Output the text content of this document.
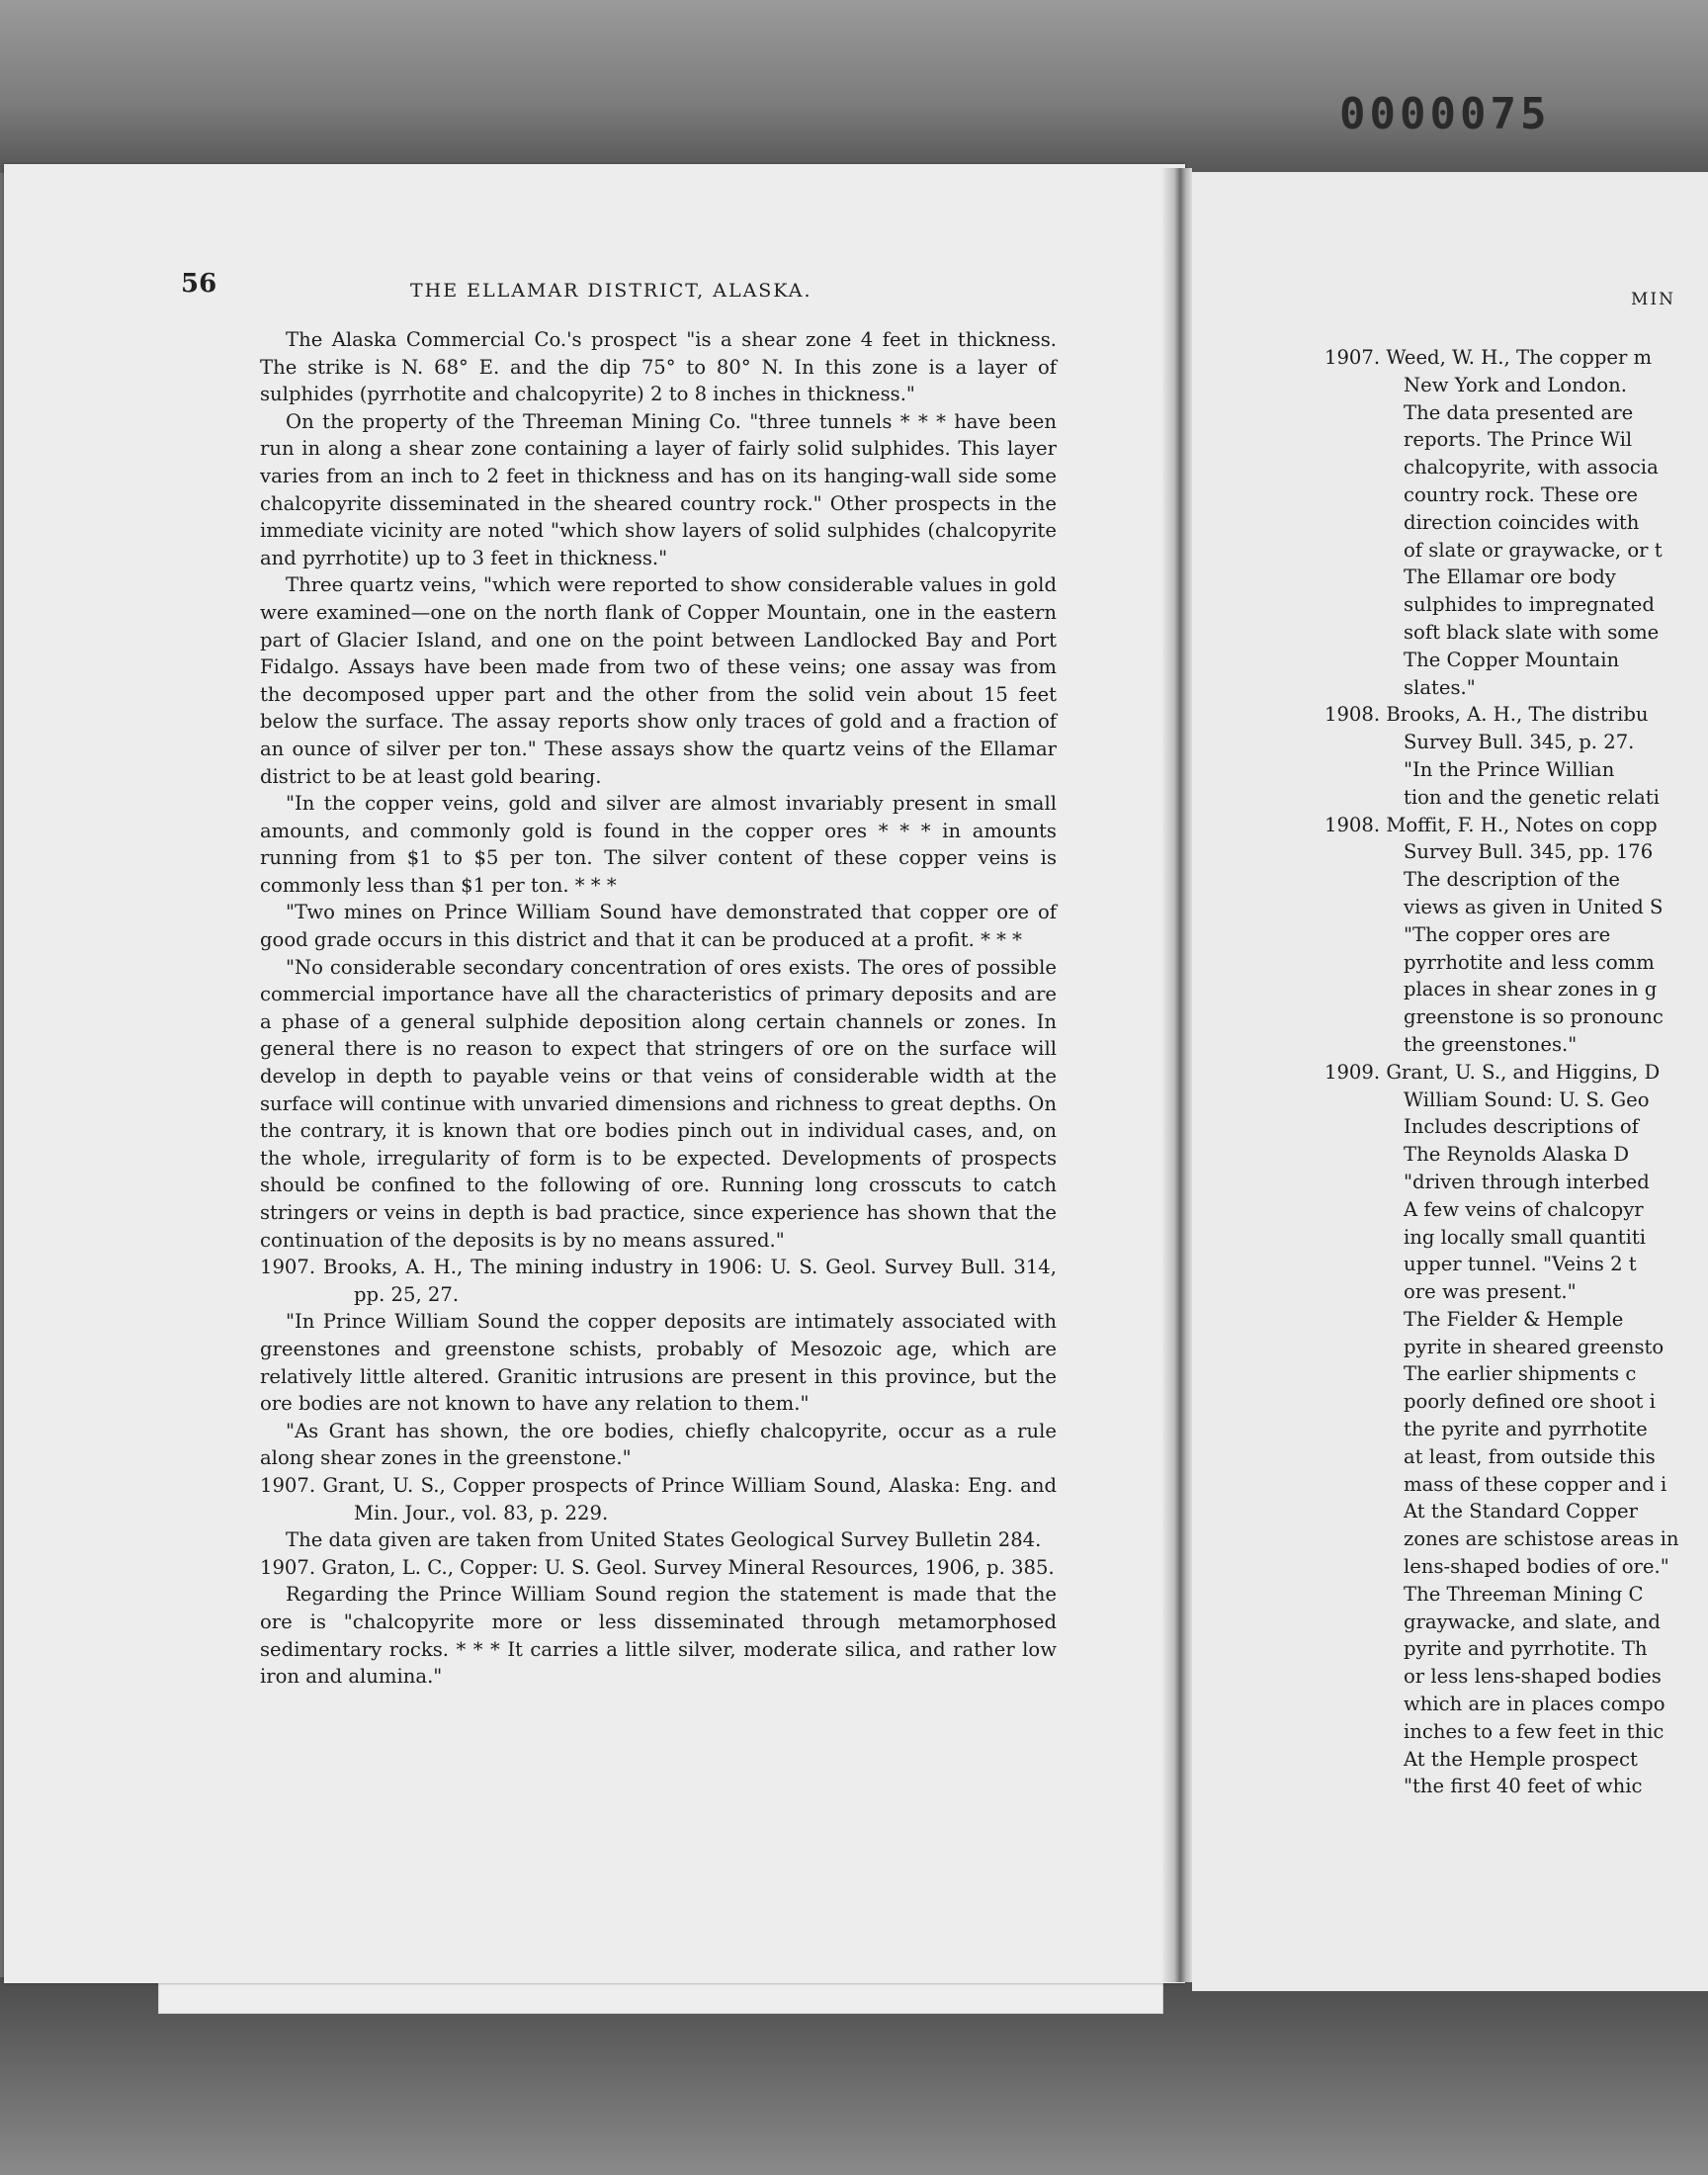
0000075
56	THE ELLAMAR DISTRICT, ALASKA.

The Alaska Commercial Co.'s prospect "is a shear zone 4 feet in thickness. The strike is N. 68° E. and the dip 75° to 80° N. In this zone is a layer of sulphides (pyrrhotite and chalcopyrite) 2 to 8 inches in thickness."

On the property of the Threeman Mining Co. "three tunnels * * * have been run in along a shear zone containing a layer of fairly solid sulphides. This layer varies from an inch to 2 feet in thickness and has on its hanging-wall side some chalcopyrite disseminated in the sheared country rock." Other prospects in the immediate vicinity are noted "which show layers of solid sulphides (chalcopyrite and pyrrhotite) up to 3 feet in thickness."

Three quartz veins, "which were reported to show considerable values in gold were examined—one on the north flank of Copper Mountain, one in the eastern part of Glacier Island, and one on the point between Landlocked Bay and Port Fidalgo. Assays have been made from two of these veins; one assay was from the decomposed upper part and the other from the solid vein about 15 feet below the surface. The assay reports show only traces of gold and a fraction of an ounce of silver per ton." These assays show the quartz veins of the Ellamar district to be at least gold bearing.

"In the copper veins, gold and silver are almost invariably present in small amounts, and commonly gold is found in the copper ores * * * in amounts running from $1 to $5 per ton. The silver content of these copper veins is commonly less than $1 per ton. * * *

"Two mines on Prince William Sound have demonstrated that copper ore of good grade occurs in this district and that it can be produced at a profit. * * *

"No considerable secondary concentration of ores exists. The ores of possible commercial importance have all the characteristics of primary deposits and are a phase of a general sulphide deposition along certain channels or zones. In general there is no reason to expect that stringers of ore on the surface will develop in depth to payable veins or that veins of considerable width at the surface will continue with unvaried dimensions and richness to great depths. On the contrary, it is known that ore bodies pinch out in individual cases, and, on the whole, irregularity of form is to be expected. Developments of prospects should be confined to the following of ore. Running long crosscuts to catch stringers or veins in depth is bad practice, since experience has shown that the continuation of the deposits is by no means assured."

1907. Brooks, A. H., The mining industry in 1906: U. S. Geol. Survey Bull. 314, pp. 25, 27.

"In Prince William Sound the copper deposits are intimately associated with greenstones and greenstone schists, probably of Mesozoic age, which are relatively little altered. Granitic intrusions are present in this province, but the ore bodies are not known to have any relation to them."

"As Grant has shown, the ore bodies, chiefly chalcopyrite, occur as a rule along shear zones in the greenstone."

1907. Grant, U. S., Copper prospects of Prince William Sound, Alaska: Eng. and Min. Jour., vol. 83, p. 229.

The data given are taken from United States Geological Survey Bulletin 284.

1907. Graton, L. C., Copper: U. S. Geol. Survey Mineral Resources, 1906, p. 385.

Regarding the Prince William Sound region the statement is made that the ore is "chalcopyrite more or less disseminated through metamorphosed sedimentary rocks. * * * It carries a little silver, moderate silica, and rather low iron and alumina."

MIN
1907. Weed, W. H., The copper m
New York and London.
The data presented are
reports. The Prince Wil
chalcopyrite, with associa
country rock. These ore
direction coincides with
of slate or graywacke, or t
The Ellamar ore body
sulphides to impregnated
soft black slate with some
The Copper Mountain
slates."
1908. Brooks, A. H., The distribu
Survey Bull. 345, p. 27.
"In the Prince Willian
tion and the genetic relati
1908. Moffit, F. H., Notes on copp
Survey Bull. 345, pp. 176
The description of the
views as given in United S
"The copper ores are
pyrrhotite and less comm
places in shear zones in g
greenstone is so pronounc
the greenstones."
1909. Grant, U. S., and Higgins, D
William Sound: U. S. Geo
Includes descriptions of
The Reynolds Alaska D
"driven through interbed
A few veins of chalcopyr
ing locally small quantiti
upper tunnel. "Veins 2 t
ore was present."
The Fielder & Hemple
pyrite in sheared greensto
The earlier shipments c
poorly defined ore shoot i
the pyrite and pyrrhotite
at least, from outside this
mass of these copper and i
At the Standard Copper
zones are schistose areas in
lens-shaped bodies of ore."
The Threeman Mining C
graywacke, and slate, and
pyrite and pyrrhotite. Th
or less lens-shaped bodies
which are in places compo
inches to a few feet in thic
At the Hemple prospect
"the first 40 feet of whic
